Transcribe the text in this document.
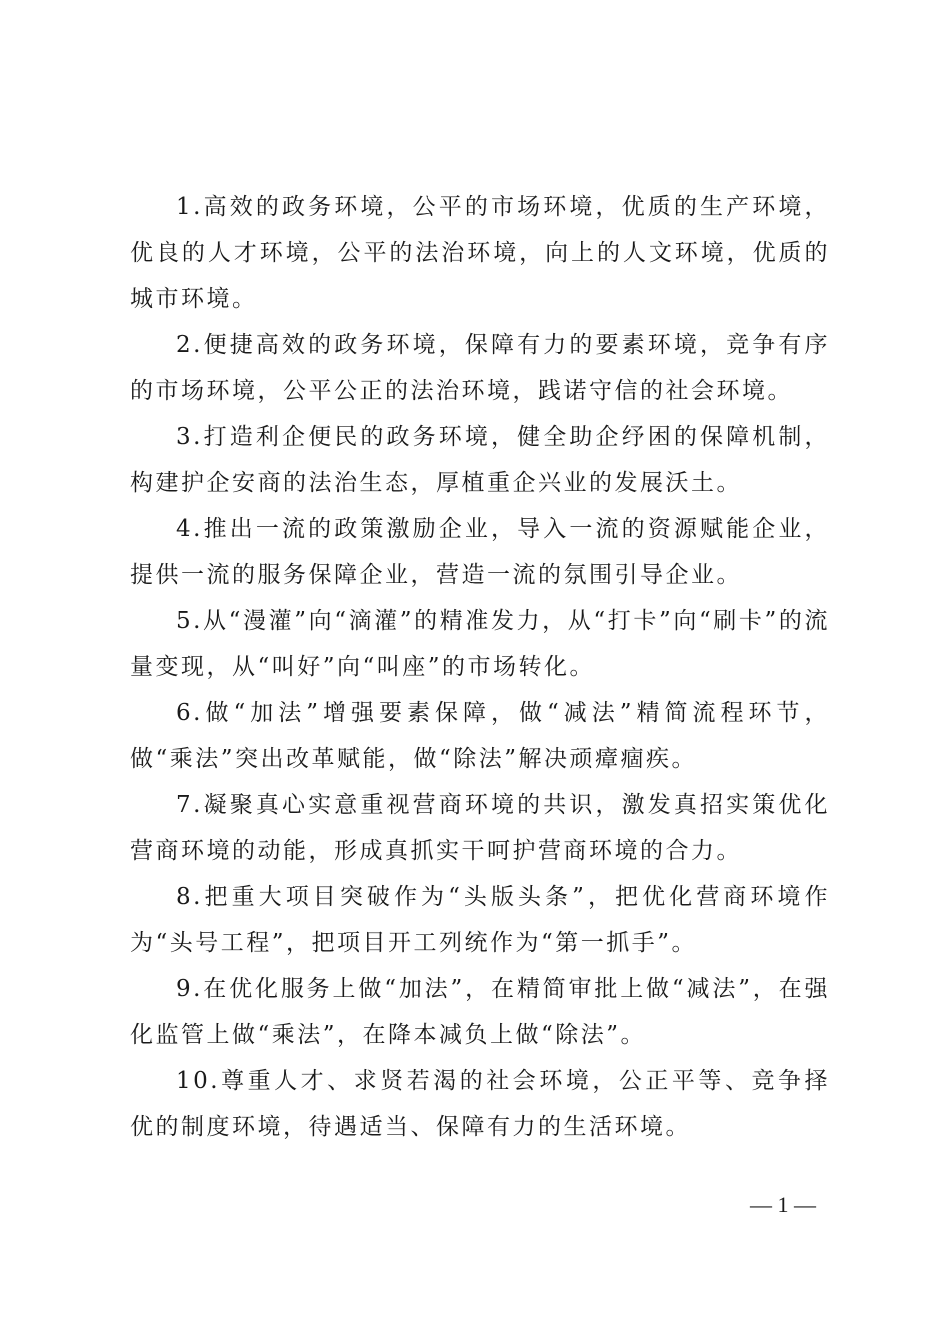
1.高效的政务环境，公平的市场环境，优质的生产环境，优良的人才环境，公平的法治环境，向上的人文环境，优质的城市环境。

2.便捷高效的政务环境，保障有力的要素环境，竞争有序的市场环境，公平公正的法治环境，践诺守信的社会环境。

3.打造利企便民的政务环境，健全助企纾困的保障机制，构建护企安商的法治生态，厚植重企兴业的发展沃土。

4.推出一流的政策激励企业，导入一流的资源赋能企业，提供一流的服务保障企业，营造一流的氛围引导企业。

5.从“漫灌”向“滴灌”的精准发力，从“打卡”向“刷卡”的流量变现，从“叫好”向“叫座”的市场转化。

6.做“加法”增强要素保障，做“减法”精简流程环节，做“乘法”突出改革赋能，做“除法”解决顽瘴痼疾。

7.凝聚真心实意重视营商环境的共识，激发真招实策优化营商环境的动能，形成真抓实干呵护营商环境的合力。

8.把重大项目突破作为“头版头条”，把优化营商环境作为“头号工程”，把项目开工列统作为“第一抓手”。

9.在优化服务上做“加法”，在精简审批上做“减法”，在强化监管上做“乘法”，在降本减负上做“除法”。

10.尊重人才、求贤若渴的社会环境，公正平等、竞争择优的制度环境，待遇适当、保障有力的生活环境。

— 1 —
